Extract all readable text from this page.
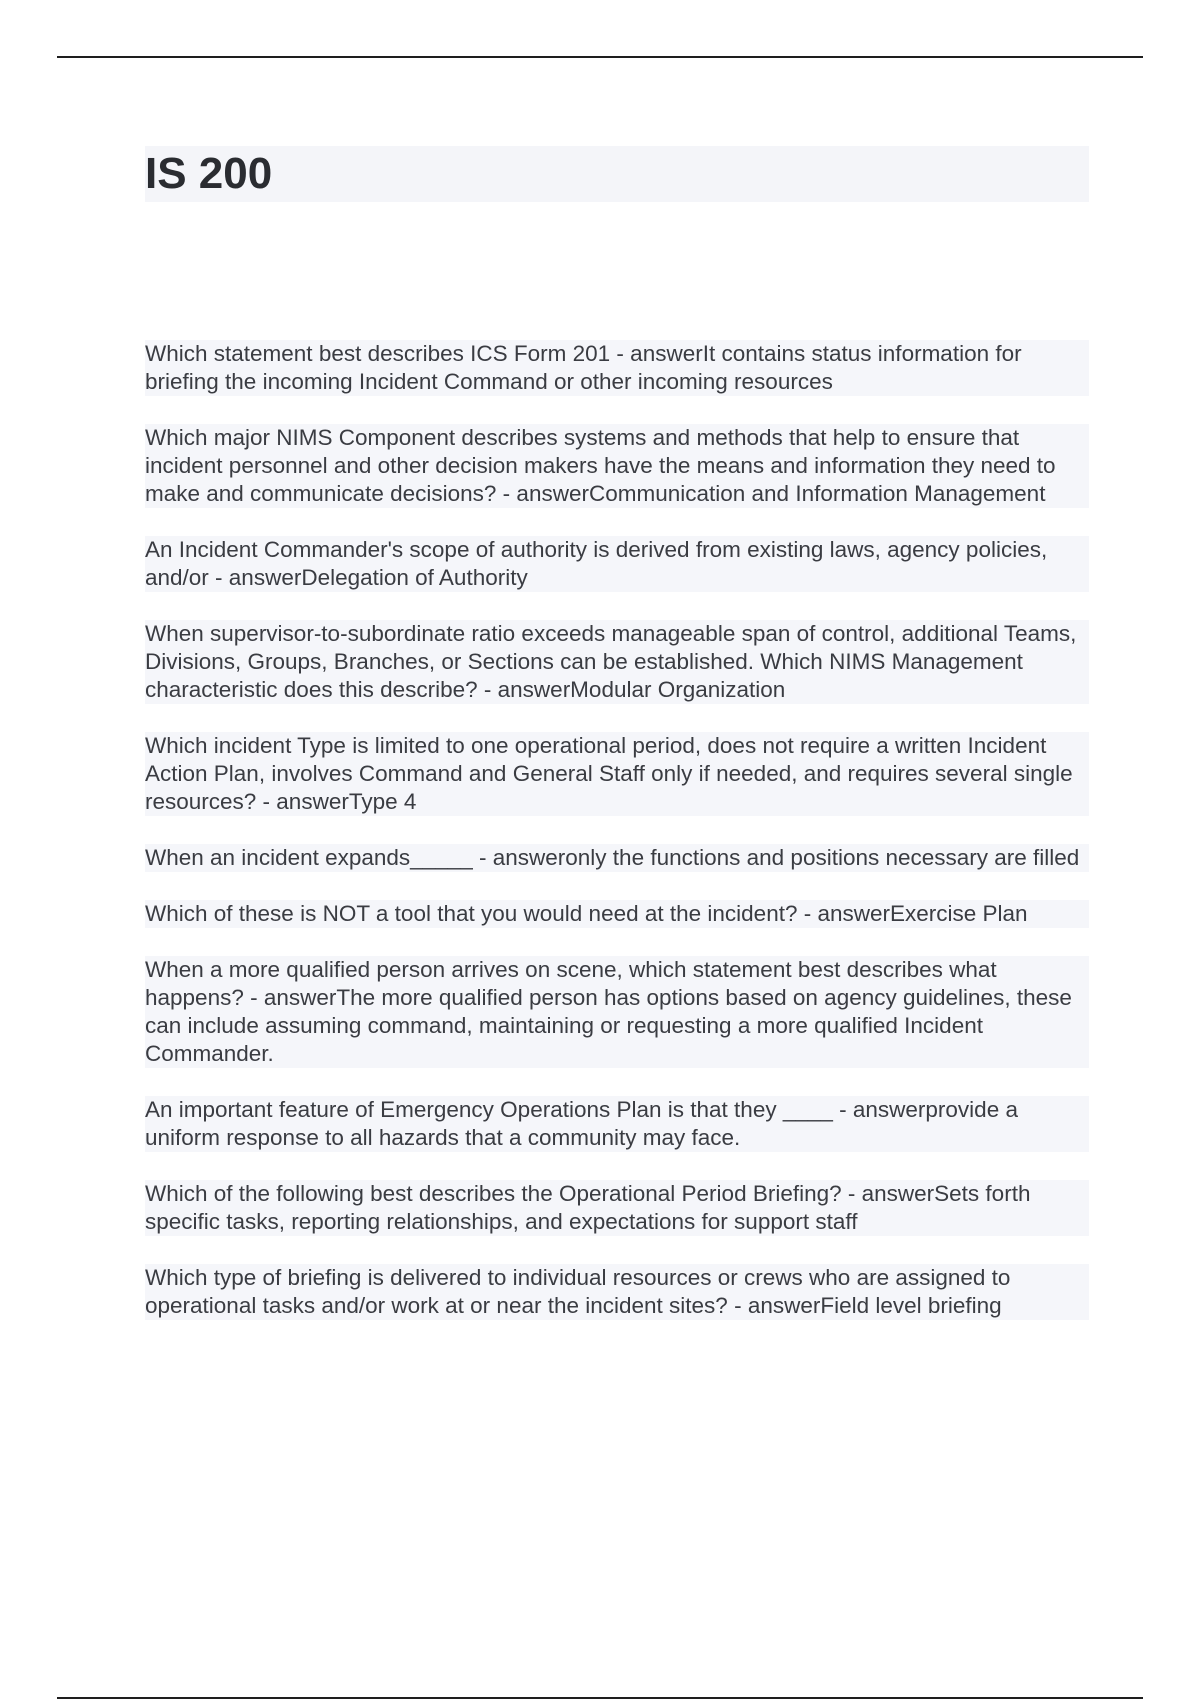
IS 200

Which statement best describes ICS Form 201 - answerIt contains status information for briefing the incoming Incident Command or other incoming resources

Which major NIMS Component describes systems and methods that help to ensure that incident personnel and other decision makers have the means and information they need to make and communicate decisions? - answerCommunication and Information Management

An Incident Commander's scope of authority is derived from existing laws, agency policies, and/or - answerDelegation of Authority

When supervisor-to-subordinate ratio exceeds manageable span of control, additional Teams, Divisions, Groups, Branches, or Sections can be established. Which NIMS Management characteristic does this describe? - answerModular Organization

Which incident Type is limited to one operational period, does not require a written Incident Action Plan, involves Command and General Staff only if needed, and requires several single resources? - answerType 4

When an incident expands_____ - answeronly the functions and positions necessary are filled

Which of these is NOT a tool that you would need at the incident? - answerExercise Plan

When a more qualified person arrives on scene, which statement best describes what happens? - answerThe more qualified person has options based on agency guidelines, these can include assuming command, maintaining or requesting a more qualified Incident Commander.

An important feature of Emergency Operations Plan is that they ____ - answerprovide a uniform response to all hazards that a community may face.

Which of the following best describes the Operational Period Briefing? - answerSets forth specific tasks, reporting relationships, and expectations for support staff

Which type of briefing is delivered to individual resources or crews who are assigned to operational tasks and/or work at or near the incident sites? - answerField level briefing
